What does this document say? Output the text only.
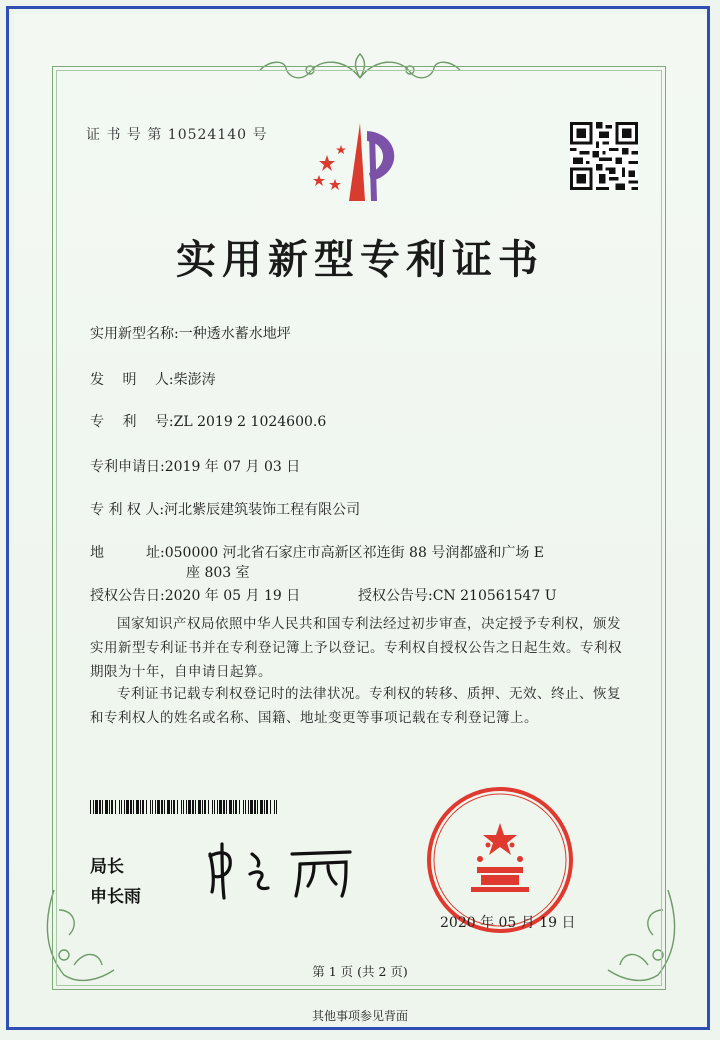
证 书 号 第 10524140 号
实用新型专利证书
实用新型名称:一种透水蓄水地坪
发　 明　 人:柴澎涛
专　 利　 号:ZL 2019 2 1024600.6
专利申请日:2019 年 07 月 03 日
专 利 权 人:河北紫辰建筑装饰工程有限公司
地　　　址:050000 河北省石家庄市高新区祁连街 88 号润都盛和广场 E
座 803 室
授权公告日:2020 年 05 月 19 日	授权公告号:CN 210561547 U
国家知识产权局依照中华人民共和国专利法经过初步审查，决定授予专利权，颁发实用新型专利证书并在专利登记簿上予以登记。专利权自授权公告之日起生效。专利权期限为十年，自申请日起算。
专利证书记载专利权登记时的法律状况。专利权的转移、质押、无效、终止、恢复和专利权人的姓名或名称、国籍、地址变更等事项记载在专利登记簿上。
局长
申长雨
2020 年 05 月 19 日
第 1 页 (共 2 页)
其他事项参见背面
